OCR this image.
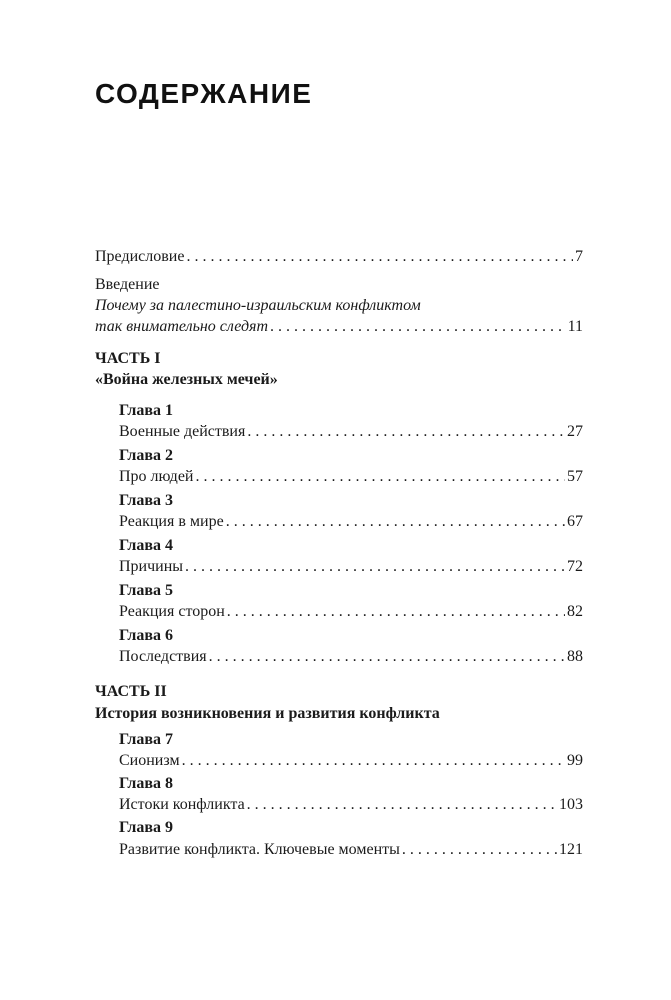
СОДЕРЖАНИЕ
Предисловие . . .	7
Введение
Почему за палестино-израильским конфликтом
так внимательно следят . . .	11
ЧАСТЬ I
«Война железных мечей»
Глава 1
Военные действия . . .	27
Глава 2
Про людей . . .	57
Глава 3
Реакция в мире . . .	67
Глава 4
Причины . . .	72
Глава 5
Реакция сторон . . .	82
Глава 6
Последствия . . .	88
ЧАСТЬ II
История возникновения и развития конфликта
Глава 7
Сионизм . . .	99
Глава 8
Истоки конфликта . . .	103
Глава 9
Развитие конфликта. Ключевые моменты . . .	121
